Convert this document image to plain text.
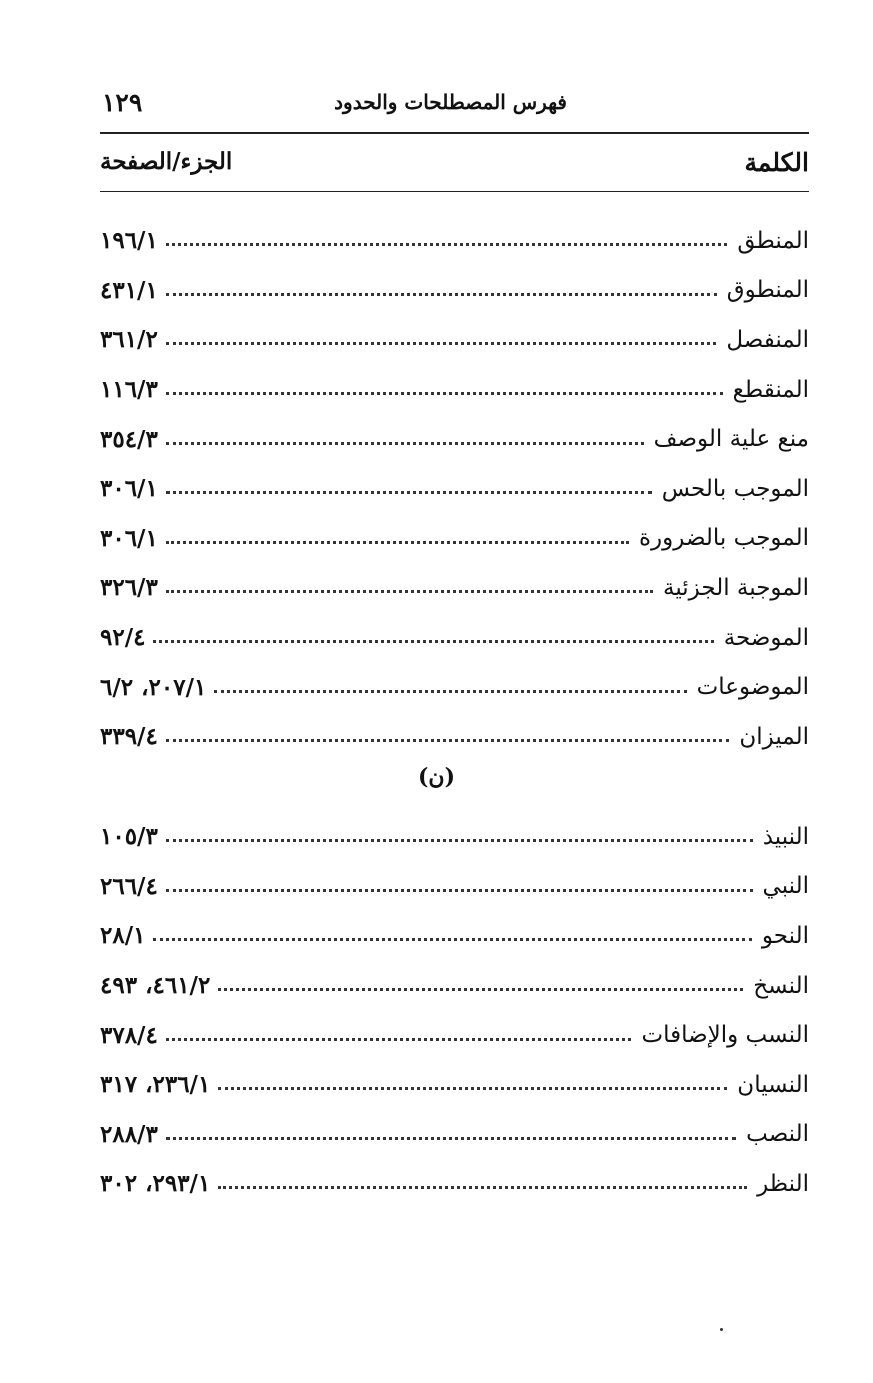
١٢٩	فهرس المصطلحات والحدود
الكلمة
الجزء/الصفحة
المنطق
١٩٦/١
المنطوق
٤٣١/١
المنفصل
٣٦١/٢
المنقطع
١١٦/٣
منع علية الوصف
٣٥٤/٣
الموجب بالحس
٣٠٦/١
الموجب بالضرورة
٣٠٦/١
الموجبة الجزئية
٣٢٦/٣
الموضحة
٩٢/٤
الموضوعات
٢٠٧/١، ٦/٢
الميزان
٣٣٩/٤
(ن)
النبيذ
١٠٥/٣
النبي
٢٦٦/٤
النحو
٢٨/١
النسخ
٤٦١/٢، ٤٩٣
النسب والإضافات
٣٧٨/٤
النسيان
٢٣٦/١، ٣١٧
النصب
٢٨٨/٣
النظر
٢٩٣/١، ٣٠٢
